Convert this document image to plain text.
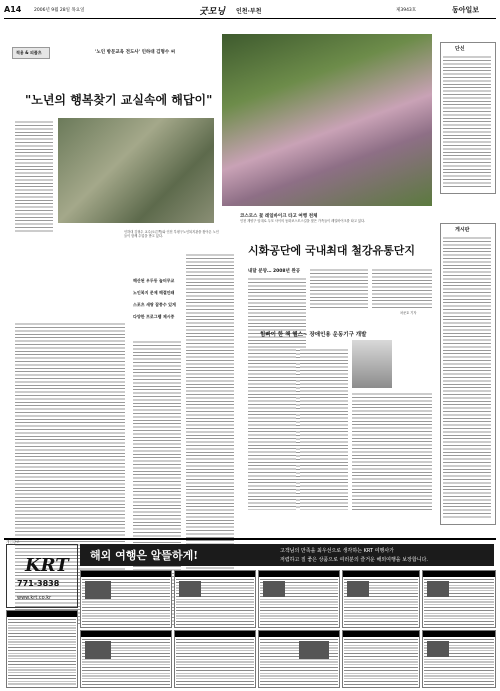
A14	2006년 9월 28일 목요일	굿모닝 인천·부천	제3943호	동아일보
적용 & 피플츠	'노인 방문교육 전도사' 인하대 김형수 씨
"노년의 행복찾기 교실속에 해답이"
인하대 김형수 교수(오른쪽)와 인천 부평구노인복지관을 찾아온 노인들이 함께 수업을 받고 있다.
해산된 우두동 놀터무교
노인복지 문제 해결안돼
스포츠 새쌍 잡종수 있게
다양한 프로그램 제시중
코스모스 꽃 레일바이크 타고 여행 천체
인천 계양구 임대로 두모 사이의 동화코스모스길을 찾은 가족들이 레일바이크를 타고 있다.
단신
게시판
시화공단에 국내최대 철강유통단지
내달 분양… 2008년 완공
차준호 기자
힘빠이 한 책 헬스~ 장애인용 운동기구 개발
KRT
771-3838
www.krt.co.kr
해외 여행은 알뜰하게!	고객님의 만족을 최우선으로 생각하는 KRT 여행사가
저렴하고 질 좋은 상품으로 여러분의 즐거운 해외여행을 보장합니다.
개인광고
